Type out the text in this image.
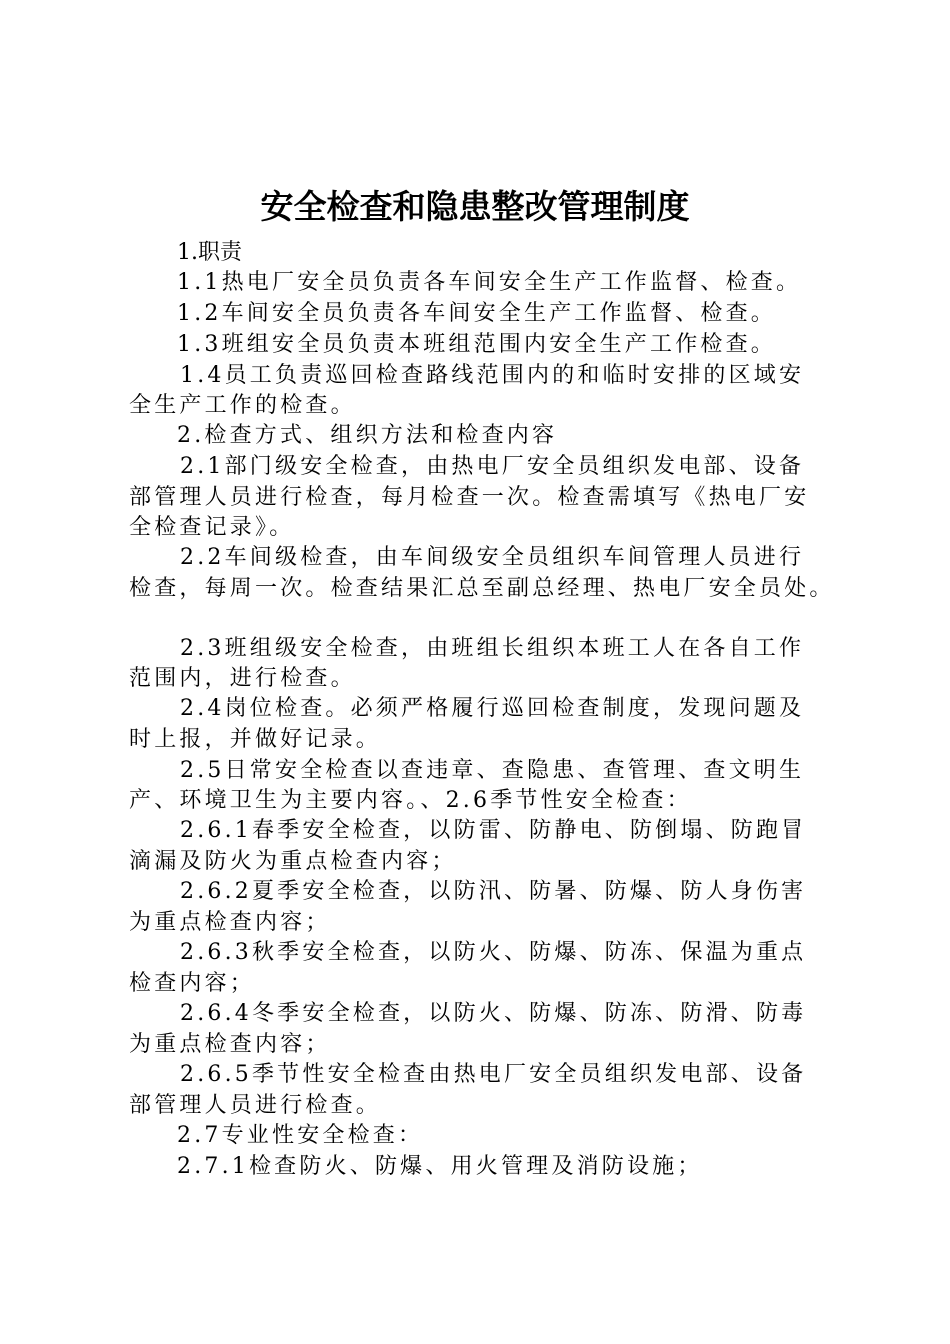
安全检查和隐患整改管理制度
1.职责
1.1热电厂安全员负责各车间安全生产工作监督、检查。
1.2车间安全员负责各车间安全生产工作监督、检查。
1.3班组安全员负责本班组范围内安全生产工作检查。
1.4员工负责巡回检查路线范围内的和临时安排的区域安
全生产工作的检查。
2.检查方式、组织方法和检查内容
2.1部门级安全检查，由热电厂安全员组织发电部、设备
部管理人员进行检查，每月检查一次。检查需填写《热电厂安
全检查记录》。
2.2车间级检查，由车间级安全员组织车间管理人员进行
检查，每周一次。检查结果汇总至副总经理、热电厂安全员处。
2.3班组级安全检查，由班组长组织本班工人在各自工作
范围内，进行检查。
2.4岗位检查。必须严格履行巡回检查制度，发现问题及
时上报，并做好记录。
2.5日常安全检查以查违章、查隐患、查管理、查文明生
产、环境卫生为主要内容。、2.6季节性安全检查：
2.6.1春季安全检查，以防雷、防静电、防倒塌、防跑冒
滴漏及防火为重点检查内容；
2.6.2夏季安全检查，以防汛、防暑、防爆、防人身伤害
为重点检查内容；
2.6.3秋季安全检查，以防火、防爆、防冻、保温为重点
检查内容；
2.6.4冬季安全检查，以防火、防爆、防冻、防滑、防毒
为重点检查内容；
2.6.5季节性安全检查由热电厂安全员组织发电部、设备
部管理人员进行检查。
2.7专业性安全检查：
2.7.1检查防火、防爆、用火管理及消防设施；
